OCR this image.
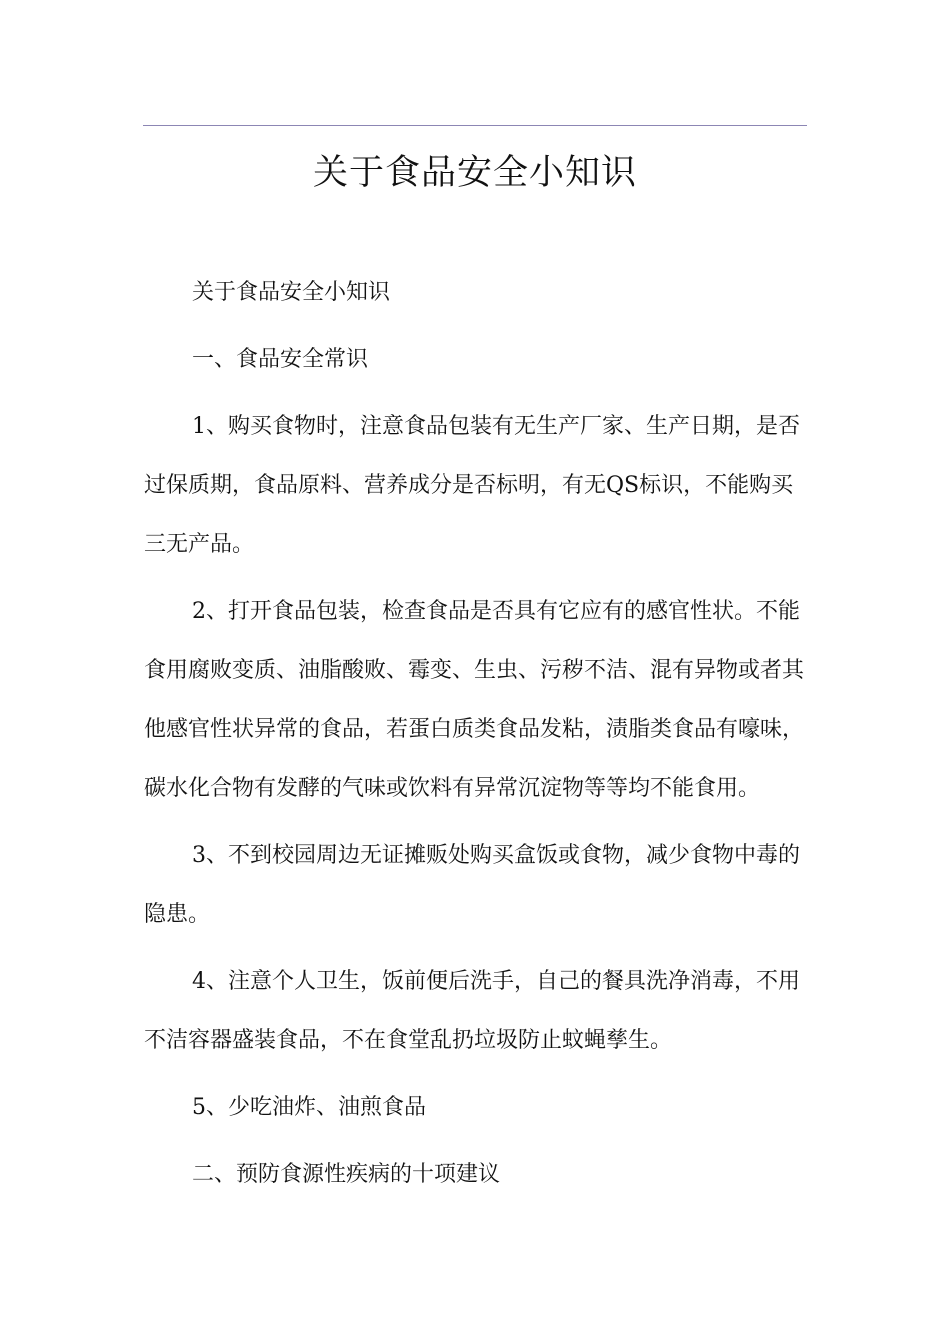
关于食品安全小知识

关于食品安全小知识

一、食品安全常识

1、购买食物时，注意食品包装有无生产厂家、生产日期，是否过保质期，食品原料、营养成分是否标明，有无QS标识，不能购买三无产品。

2、打开食品包装，检查食品是否具有它应有的感官性状。不能食用腐败变质、油脂酸败、霉变、生虫、污秽不洁、混有异物或者其他感官性状异常的食品，若蛋白质类食品发粘，渍脂类食品有嚎味，碳水化合物有发酵的气味或饮料有异常沉淀物等等均不能食用。

3、不到校园周边无证摊贩处购买盒饭或食物，减少食物中毒的隐患。

4、注意个人卫生，饭前便后洗手，自己的餐具洗净消毒，不用不洁容器盛装食品，不在食堂乱扔垃圾防止蚊蝇孳生。

5、少吃油炸、油煎食品

二、预防食源性疾病的十项建议
